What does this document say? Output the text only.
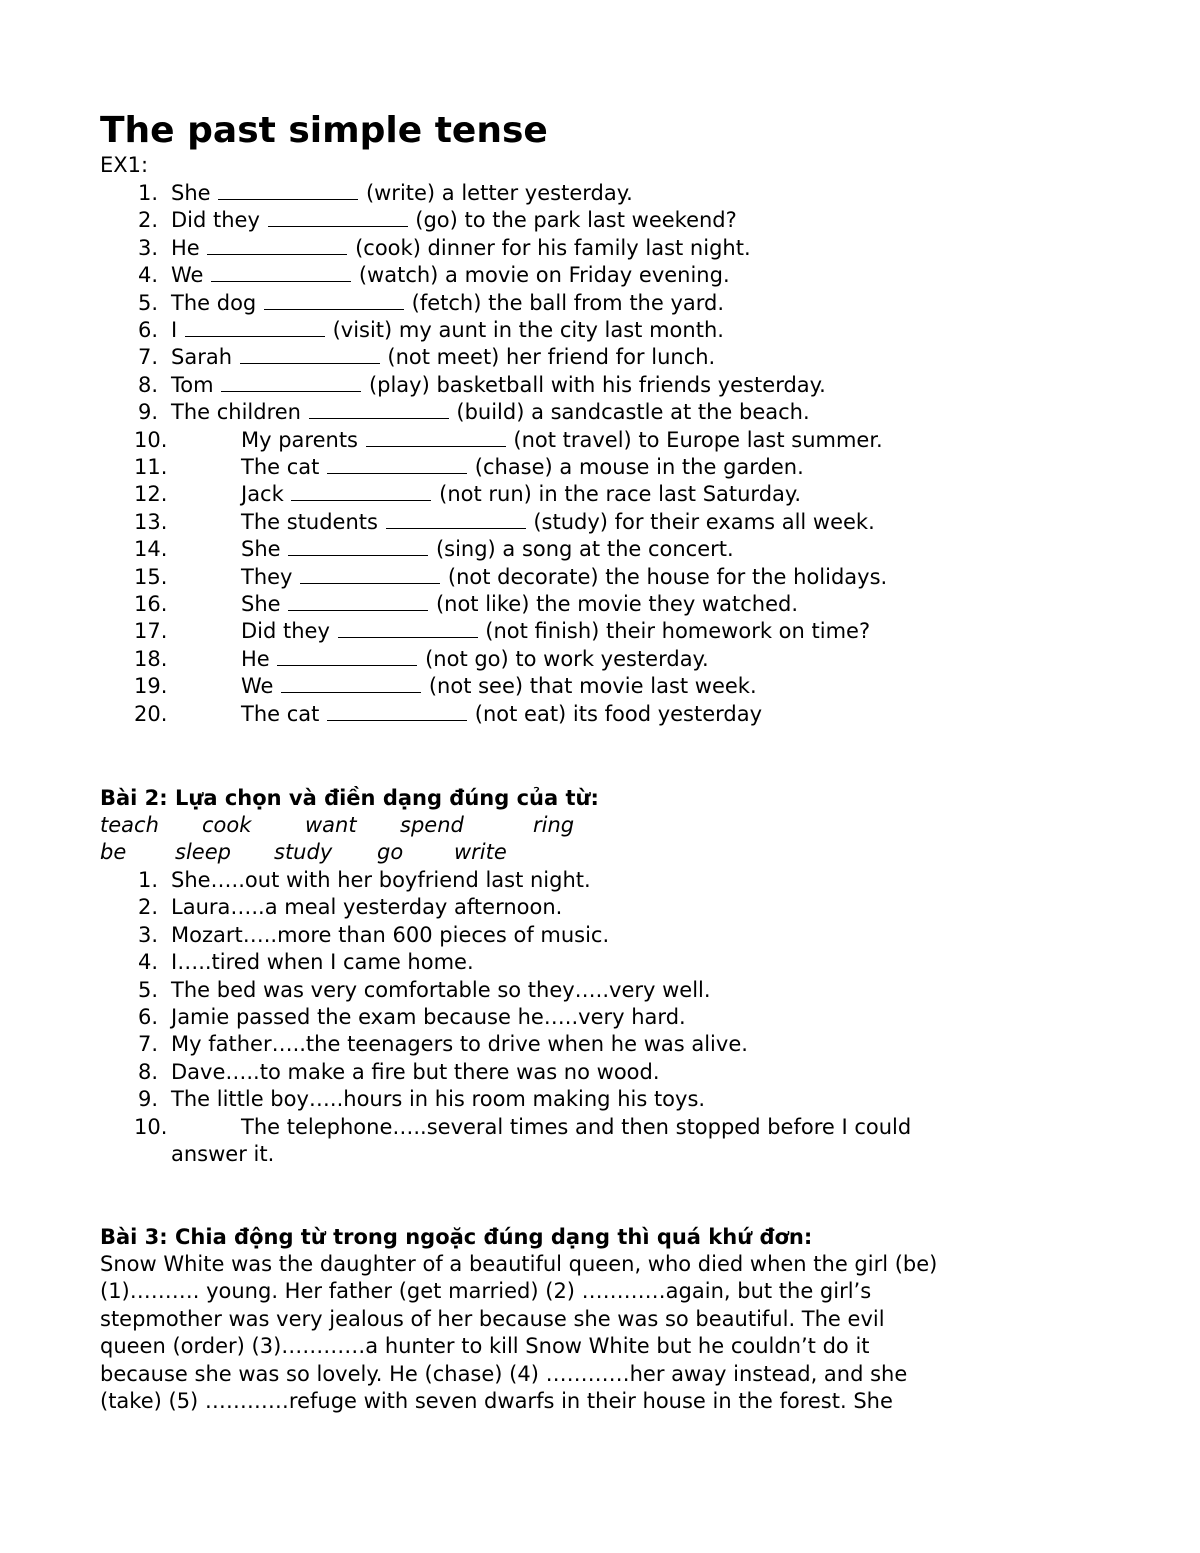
The past simple tense
EX1:
1. She	(write) a letter yesterday.
2. Did they	(go) to the park last weekend?
3. He	(cook) dinner for his family last night.
4. We	(watch) a movie on Friday evening.
5. The dog	(fetch) the ball from the yard.
6. I	(visit) my aunt in the city last month.
7. Sarah	(not meet) her friend for lunch.
8. Tom	(play) basketball with his friends yesterday.
9. The children	(build) a sandcastle at the beach.
10.	My parents	(not travel) to Europe last summer.
11.	The cat	(chase) a mouse in the garden.
12.	Jack	(not run) in the race last Saturday.
13.	The students	(study) for their exams all week.
14.	She	(sing) a song at the concert.
15.	They	(not decorate) the house for the holidays.
16.	She	(not like) the movie they watched.
17.	Did they	(not finish) their homework on time?
18.	He	(not go) to work yesterday.
19.	We	(not see) that movie last week.
20.	The cat	(not eat) its food yesterday
Bài 2: Lựa chọn và điền dạng đúng của từ:
teach cook	want spend	ring
be sleep study go write
1. She…..out with her boyfriend last night.
2. Laura…..a meal yesterday afternoon.
3. Mozart…..more than 600 pieces of music.
4. I…..tired when I came home.
5. The bed was very comfortable so they…..very well.
6. Jamie passed the exam because he…..very hard.
7. My father…..the teenagers to drive when he was alive.
8. Dave…..to make a fire but there was no wood.
9. The little boy…..hours in his room making his toys.
10.	The telephone…..several times and then stopped before I could
answer it.
Bài 3: Chia động từ trong ngoặc đúng dạng thì quá khứ đơn:
Snow White was the daughter of a beautiful queen, who died when the girl (be)
(1)………. young. Her father (get married) (2) …………again, but the girl’s
stepmother was very jealous of her because she was so beautiful. The evil
queen (order) (3)…………a hunter to kill Snow White but he couldn’t do it
because she was so lovely. He (chase) (4) …………her away instead, and she
(take) (5) …………refuge with seven dwarfs in their house in the forest. She
